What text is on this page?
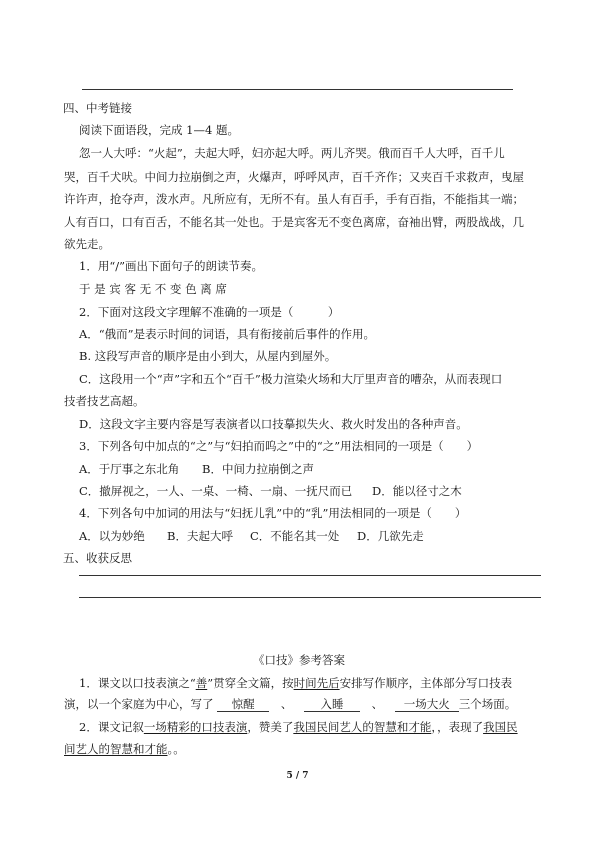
四、中考链接
阅读下面语段，完成 1—4 题。
忽一人大呼：“火起”，夫起大呼，妇亦起大呼。两儿齐哭。俄而百千人大呼，百千儿
哭，百千犬吠。中间力拉崩倒之声，火爆声，呼呼风声，百千齐作；又夹百千求救声，曳屋
许许声，抢夺声，泼水声。凡所应有，无所不有。虽人有百手，手有百指，不能指其一端；
人有百口，口有百舌，不能名其一处也。于是宾客无不变色离席，奋袖出臂，两股战战，几
欲先走。
1．用“/”画出下面句子的朗读节奏。
于 是 宾 客 无 不 变 色 离 席
2．下面对这段文字理解不准确的一项是（　　　）
A．“俄而”是表示时间的词语，具有衔接前后事件的作用。
B. 这段写声音的顺序是由小到大，从屋内到屋外。
C．这段用一个“声”字和五个“百千”极力渲染火场和大厅里声音的嘈杂，从而表现口
技者技艺高超。
D．这段文字主要内容是写表演者以口技摹拟失火、救火时发出的各种声音。
3．下列各句中加点的“之”与“妇拍而呜之”中的“之”用法相同的一项是（　　）
A．于厅事之东北角 B．中间力拉崩倒之声
C．撤屏视之，一人、一桌、一椅、一扇、一抚尺而已 D．能以径寸之木
4．下列各句中加词的用法与“妇抚儿乳”中的“乳”用法相同的一项是（　　）
A．以为妙绝 B．夫起大呼 C．不能名其一处 D．几欲先走
五、收获反思
《口技》参考答案
1．课文以口技表演之“善”贯穿全文篇，按时间先后安排写作顺序，主体部分写口技表
演，以一个家庭为中心，写了 惊醒 、 入睡 、 一场大火 三个场面。
2．课文记叙一场精彩的口技表演，赞美了我国民间艺人的智慧和才能，，表现了我国民
间艺人的智慧和才能。。
5 / 7
